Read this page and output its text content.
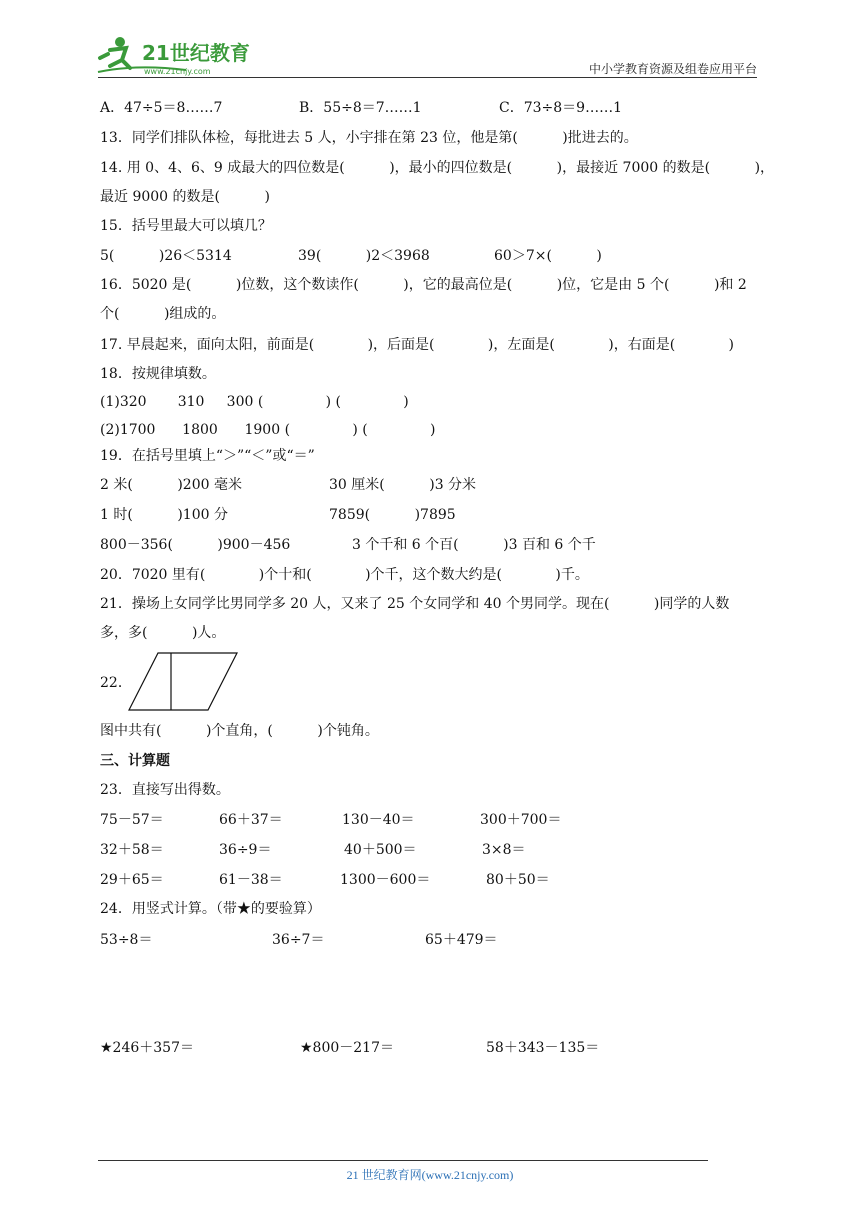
21世纪教育
www.21cnjy.com	中小学教育资源及组卷应用平台
A．47÷5＝8……7	B．55÷8＝7……1	C．73÷8＝9……1
13．同学们排队体检，每批进去 5 人，小宇排在第 23 位，他是第(          )批进去的。
14. 用 0、4、6、9 成最大的四位数是(          )，最小的四位数是(          )，最接近 7000 的数是(          )，
最近 9000 的数是(          )
15．括号里最大可以填几？
5(          )26＜5314	39(          )2＜3968	60＞7×(          )
16．5020 是(          )位数，这个数读作(          )，它的最高位是(          )位，它是由 5 个(          )和 2
个(          )组成的。
17. 早晨起来，面向太阳，前面是(            )，后面是(            )，左面是(            )，右面是(            )
18．按规律填数。
(1)320       310     300 (              ) (              )
(2)1700      1800      1900 (              ) (              )
19．在括号里填上“＞”“＜”或“＝”
2 米(          )200 毫米	30 厘米(          )3 分米
1 时(          )100 分	7859(          )7895
800－356(          )900－456	3 个千和 6 个百(          )3 百和 6 个千
20．7020 里有(            )个十和(            )个千，这个数大约是(            )千。
21．操场上女同学比男同学多 20 人，又来了 25 个女同学和 40 个男同学。现在(          )同学的人数
多，多(          )人。
22．
图中共有(          )个直角，(          )个钝角。
三、计算题
23．直接写出得数。
75－57＝	66＋37＝	130－40＝	300＋700＝
32＋58＝	36÷9＝	40＋500＝	3×8＝
29＋65＝	61－38＝	1300－600＝	80＋50＝
24．用竖式计算。（带★的要验算）
53÷8＝	36÷7＝	65＋479＝
★246＋357＝	★800－217＝	58＋343－135＝
21 世纪教育网(www.21cnjy.com)
